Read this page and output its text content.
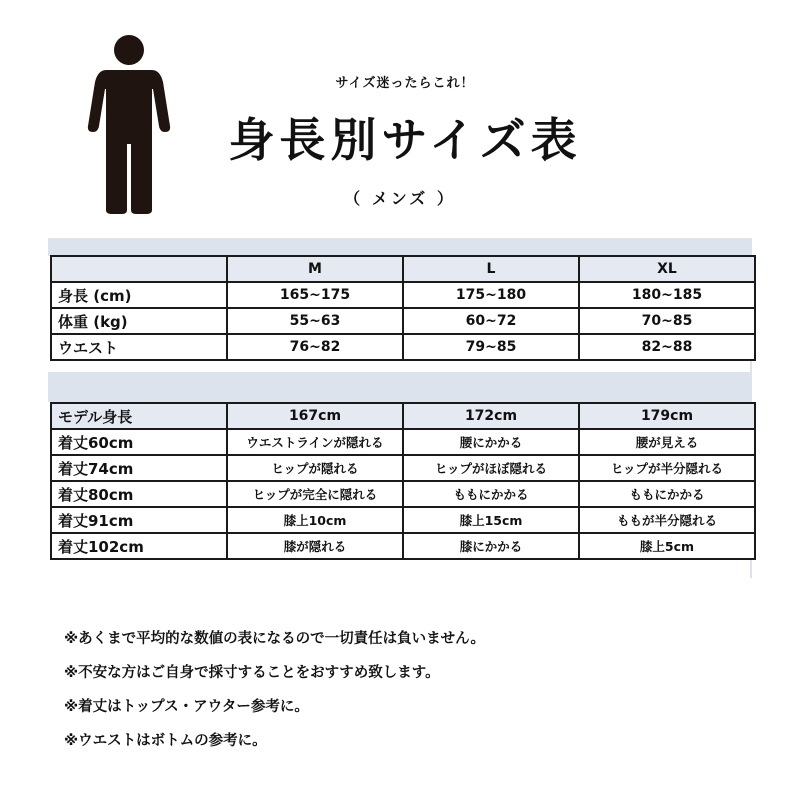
サイズ迷ったらこれ！
身長別サイズ表
（ メンズ ）
	M	L	XL
身長 (cm)	165~175	175~180	180~185
体重 (kg)	55~63	60~72	70~85
ウエスト	76~82	79~85	82~88
モデル身長	167cm	172cm	179cm
着丈60cm	ウエストラインが隠れる	腰にかかる	腰が見える
着丈74cm	ヒップが隠れる	ヒップがほぼ隠れる	ヒップが半分隠れる
着丈80cm	ヒップが完全に隠れる	ももにかかる	ももにかかる
着丈91cm	膝上10cm	膝上15cm	ももが半分隠れる
着丈102cm	膝が隠れる	膝にかかる	膝上5cm
※あくまで平均的な数値の表になるので一切責任は負いません。
※不安な方はご自身で採寸することをおすすめ致します。
※着丈はトップス・アウター参考に。
※ウエストはボトムの参考に。
